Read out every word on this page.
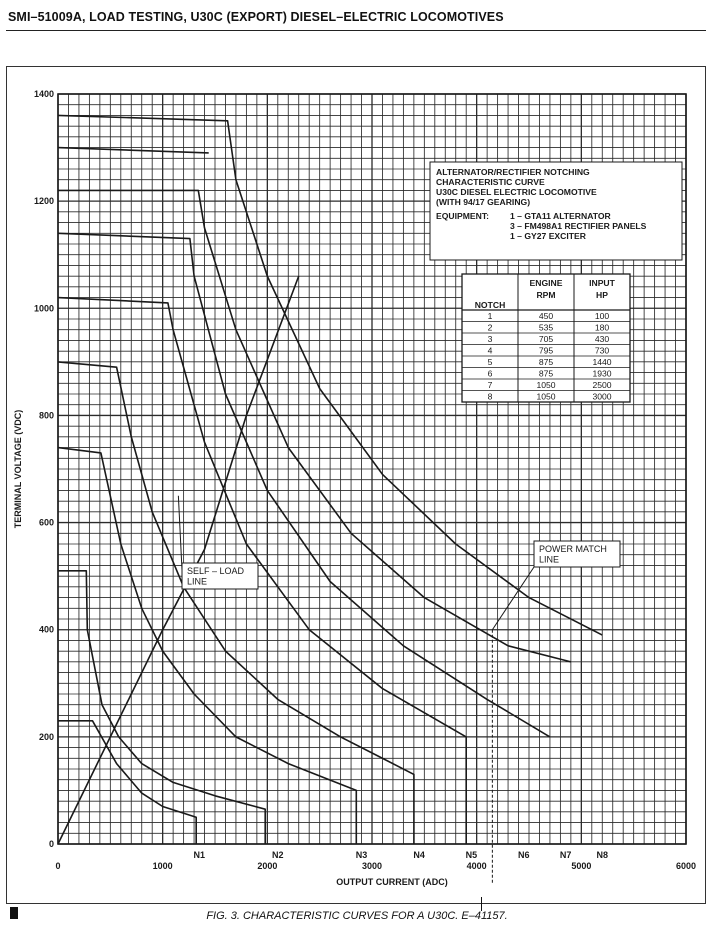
SMI–51009A, LOAD TESTING, U30C (EXPORT) DIESEL–ELECTRIC LOCOMOTIVES
0	1000	2000	3000	4000	5000	6000
0
200
400
600
800
1000
1200
1400
OUTPUT CURRENT (ADC)
TERMINAL VOLTAGE (VDC)
N1	N2	N3	N4	N5	N6	N7	N8
SELF – LOAD
LINE
POWER MATCH
LINE
ALTERNATOR/RECTIFIER NOTCHING
CHARACTERISTIC CURVE
U30C DIESEL ELECTRIC LOCOMOTIVE
(WITH 94/17 GEARING)
EQUIPMENT: 1 – GTA11 ALTERNATOR
3 – FM498A1 RECTIFIER PANELS
1 – GY27 EXCITER
ENGINE	INPUT
NOTCH
RPM	HP
1	450	100
2	535	180
3	705	430
4	795	730
5	875	1440
6	875	1930
7	1050	2500
8	1050	3000
FIG. 3. CHARACTERISTIC CURVES FOR A U30C. E–41157.
